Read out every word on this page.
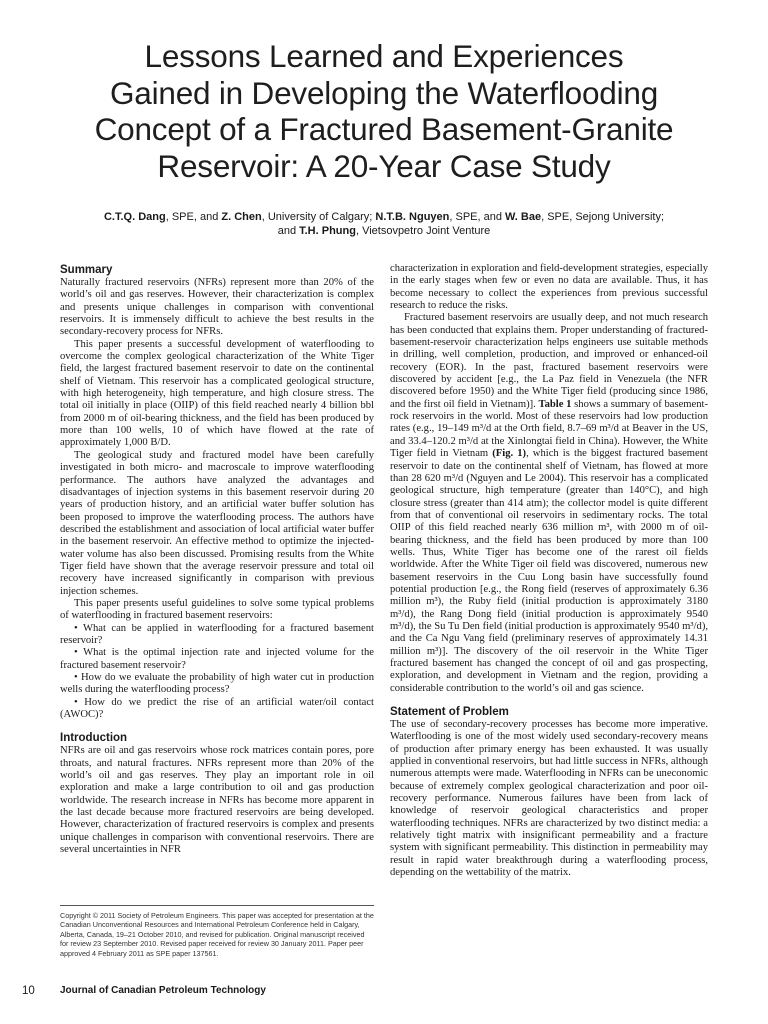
Lessons Learned and Experiences
Gained in Developing the Waterflooding
Concept of a Fractured Basement-Granite
Reservoir: A 20-Year Case Study
C.T.Q. Dang, SPE, and Z. Chen, University of Calgary; N.T.B. Nguyen, SPE, and W. Bae, SPE, Sejong University;
and T.H. Phung, Vietsovpetro Joint Venture
Summary

Naturally fractured reservoirs (NFRs) represent more than 20% of the world’s oil and gas reserves. However, their characterization is complex and presents unique challenges in comparison with conventional reservoirs. It is immensely difficult to achieve the best results in the secondary-recovery process for NFRs.

This paper presents a successful development of waterflooding to overcome the complex geological characterization of the White Tiger field, the largest fractured basement reservoir to date on the continental shelf of Vietnam. This reservoir has a complicated geological structure, with high heterogeneity, high temperature, and high closure stress. The total oil initially in place (OIIP) of this field reached nearly 4 billion bbl from 2000 m of oil-bearing thickness, and the field has been produced by more than 100 wells, 10 of which have flowed at the rate of approximately 1,000 B/D.

The geological study and fractured model have been carefully investigated in both micro- and macroscale to improve waterflooding performance. The authors have analyzed the advantages and disadvantages of injection systems in this basement reservoir during 20 years of production history, and an artificial water buffer solution has been proposed to improve the waterflooding process. The authors have described the establishment and association of local artificial water buffer in the basement reservoir. An effective method to optimize the injected-water volume has also been discussed. Promising results from the White Tiger field have shown that the average reservoir pressure and total oil recovery have increased significantly in comparison with previous injection schemes.

This paper presents useful guidelines to solve some typical problems of waterflooding in fractured basement reservoirs:

• What can be applied in waterflooding for a fractured basement reservoir?

• What is the optimal injection rate and injected volume for the fractured basement reservoir?

• How do we evaluate the probability of high water cut in production wells during the waterflooding process?

• How do we predict the rise of an artificial water/oil contact (AWOC)?

Introduction

NFRs are oil and gas reservoirs whose rock matrices contain pores, pore throats, and natural fractures. NFRs represent more than 20% of the world’s oil and gas reserves. They play an important role in oil exploration and make a large contribution to oil and gas production worldwide. The research increase in NFRs has become more apparent in the last decade because more fractured reservoirs are being developed. However, characterization of fractured reservoirs is complex and presents unique challenges in comparison with conventional reservoirs. There are several uncertainties in NFR

Copyright © 2011 Society of Petroleum Engineers. This paper was accepted for presentation at the Canadian Unconventional Resources and International Petroleum Conference held in Calgary, Alberta, Canada, 19–21 October 2010, and revised for publication. Original manuscript received for review 23 September 2010. Revised paper received for review 30 January 2011. Paper peer approved 4 February 2011 as SPE paper 137561.

characterization in exploration and field-development strategies, especially in the early stages when few or even no data are available. Thus, it has become necessary to collect the experiences from previous successful research to reduce the risks.

Fractured basement reservoirs are usually deep, and not much research has been conducted that explains them. Proper understanding of fractured-basement-reservoir characterization helps engineers use suitable methods in drilling, well completion, production, and improved or enhanced-oil recovery (EOR). In the past, fractured basement reservoirs were discovered by accident [e.g., the La Paz field in Venezuela (the NFR discovered before 1950) and the White Tiger field (producing since 1986, and the first oil field in Vietnam)]. Table 1 shows a summary of basement-rock reservoirs in the world. Most of these reservoirs had low production rates (e.g., 19–149 m³/d at the Orth field, 8.7–69 m³/d at Beaver in the US, and 33.4–120.2 m³/d at the Xinlongtai field in China). However, the White Tiger field in Vietnam (Fig. 1), which is the biggest fractured basement reservoir to date on the continental shelf of Vietnam, has flowed at more than 28 620 m³/d (Nguyen and Le 2004). This reservoir has a complicated geological structure, high temperature (greater than 140°C), and high closure stress (greater than 414 atm); the collector model is quite different from that of conventional oil reservoirs in sedimentary rocks. The total OIIP of this field reached nearly 636 million m³, with 2000 m of oil-bearing thickness, and the field has been produced by more than 100 wells. Thus, White Tiger has become one of the rarest oil fields worldwide. After the White Tiger oil field was discovered, numerous new basement reservoirs in the Cuu Long basin have successfully found potential production [e.g., the Rong field (reserves of approximately 6.36 million m³), the Ruby field (initial production is approximately 3180 m³/d), the Rang Dong field (initial production is approximately 9540 m³/d), the Su Tu Den field (initial production is approximately 9540 m³/d), and the Ca Ngu Vang field (preliminary reserves of approximately 14.31 million m³)]. The discovery of the oil reservoir in the White Tiger fractured basement has changed the concept of oil and gas prospecting, exploration, and development in Vietnam and the region, providing a considerable contribution to the world’s oil and gas science.

Statement of Problem

The use of secondary-recovery processes has become more imperative. Waterflooding is one of the most widely used secondary-recovery means of production after primary energy has been exhausted. It was usually applied in conventional reservoirs, but had little success in NFRs, although numerous attempts were made. Waterflooding in NFRs can be uneconomic because of extremely complex geological characterization and poor oil-recovery performance. Numerous failures have been from lack of knowledge of reservoir geological characteristics and proper waterflooding techniques. NFRs are characterized by two distinct media: a relatively tight matrix with insignificant permeability and a fracture system with significant permeability. This distinction in permeability may result in rapid water breakthrough during a waterflooding process, depending on the wettability of the matrix.

10	Journal of Canadian Petroleum Technology
